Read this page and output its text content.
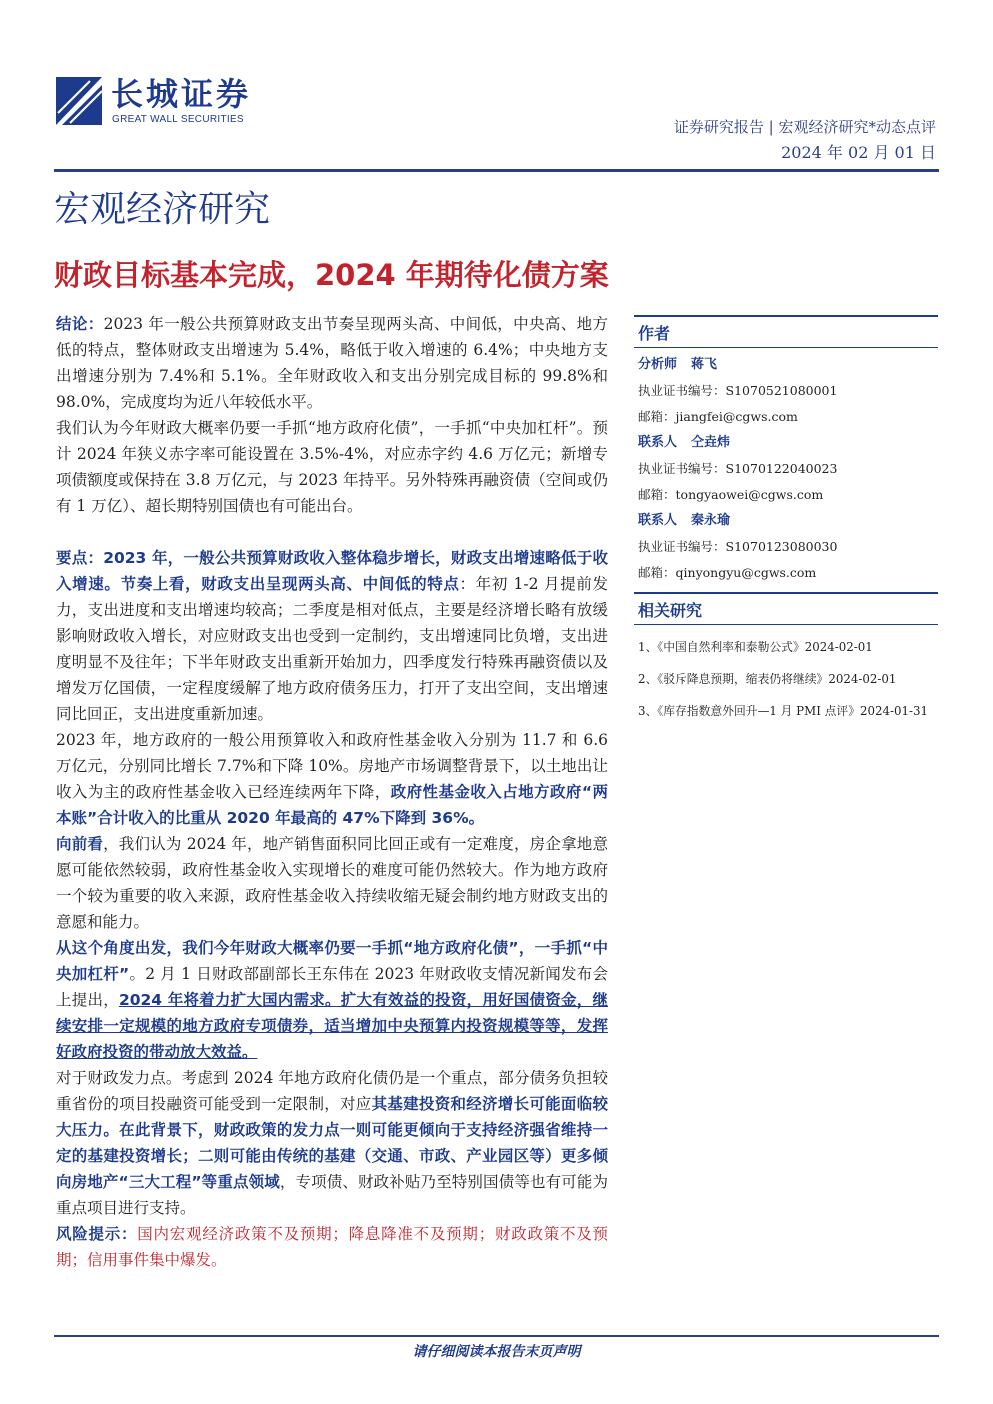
长城证券
GREAT WALL SECURITIES	证券研究报告 | 宏观经济研究*动态点评
2024 年 02 月 01 日
宏观经济研究
财政目标基本完成，2024 年期待化债方案

结论：2023 年一般公共预算财政支出节奏呈现两头高、中间低，中央高、地方低的特点，整体财政支出增速为 5.4%，略低于收入增速的 6.4%；中央地方支出增速分别为 7.4%和 5.1%。全年财政收入和支出分别完成目标的 99.8%和 98.0%，完成度均为近八年较低水平。

我们认为今年财政大概率仍要一手抓“地方政府化债”，一手抓“中央加杠杆”。预计 2024 年狭义赤字率可能设置在 3.5%-4%，对应赤字约 4.6 万亿元；新增专项债额度或保持在 3.8 万亿元，与 2023 年持平。另外特殊再融资债（空间或仍有 1 万亿）、超长期特别国债也有可能出台。

要点：2023 年，一般公共预算财政收入整体稳步增长，财政支出增速略低于收入增速。节奏上看，财政支出呈现两头高、中间低的特点：年初 1-2 月提前发力，支出进度和支出增速均较高；二季度是相对低点，主要是经济增长略有放缓影响财政收入增长，对应财政支出也受到一定制约，支出增速同比负增，支出进度明显不及往年；下半年财政支出重新开始加力，四季度发行特殊再融资债以及增发万亿国债，一定程度缓解了地方政府债务压力，打开了支出空间，支出增速同比回正，支出进度重新加速。

2023 年，地方政府的一般公用预算收入和政府性基金收入分别为 11.7 和 6.6 万亿元，分别同比增长 7.7%和下降 10%。房地产市场调整背景下，以土地出让收入为主的政府性基金收入已经连续两年下降，政府性基金收入占地方政府“两本账”合计收入的比重从 2020 年最高的 47%下降到 36%。

向前看，我们认为 2024 年，地产销售面积同比回正或有一定难度，房企拿地意愿可能依然较弱，政府性基金收入实现增长的难度可能仍然较大。作为地方政府一个较为重要的收入来源，政府性基金收入持续收缩无疑会制约地方财政支出的意愿和能力。

从这个角度出发，我们今年财政大概率仍要一手抓“地方政府化债”，一手抓“中央加杠杆”。2 月 1 日财政部副部长王东伟在 2023 年财政收支情况新闻发布会上提出，2024 年将着力扩大国内需求。扩大有效益的投资，用好国债资金，继续安排一定规模的地方政府专项债券，适当增加中央预算内投资规模等等，发挥好政府投资的带动放大效益。

对于财政发力点。考虑到 2024 年地方政府化债仍是一个重点，部分债务负担较重省份的项目投融资可能受到一定限制，对应其基建投资和经济增长可能面临较大压力。在此背景下，财政政策的发力点一则可能更倾向于支持经济强省维持一定的基建投资增长；二则可能由传统的基建（交通、市政、产业园区等）更多倾向房地产“三大工程”等重点领域，专项债、财政补贴乃至特别国债等也有可能为重点项目进行支持。

风险提示：国内宏观经济政策不及预期；降息降准不及预期；财政政策不及预期；信用事件集中爆发。

作者
分析师 蒋飞
执业证书编号：S1070521080001
邮箱：jiangfei@cgws.com
联系人 仝垚炜
执业证书编号：S1070122040023
邮箱：tongyaowei@cgws.com
联系人 秦永瑜
执业证书编号：S1070123080030
邮箱：qinyongyu@cgws.com
相关研究
1、《中国自然利率和泰勒公式》2024-02-01
2、《驳斥降息预期，缩表仍将继续》2024-02-01
3、《库存指数意外回升—1 月 PMI 点评》2024-01-31
请仔细阅读本报告末页声明
